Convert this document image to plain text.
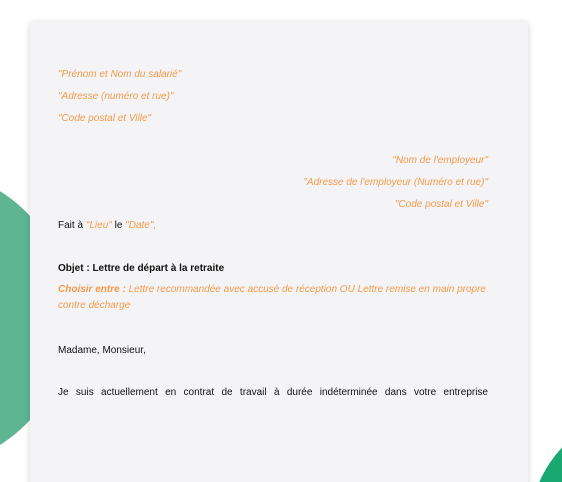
"Prénom et Nom du salarié"
"Adresse (numéro et rue)"
"Code postal et Ville"
"Nom de l'employeur"
"Adresse de l'employeur (Numéro et rue)"
"Code postal et Ville"
Fait à "Lieu" le "Date",
Objet : Lettre de départ à la retraite
Choisir entre : Lettre recommandée avec accusé de réception OU Lettre remise en main propre contre décharge
Madame, Monsieur,
Je suis actuellement en contrat de travail à durée indéterminée dans votre entreprise
